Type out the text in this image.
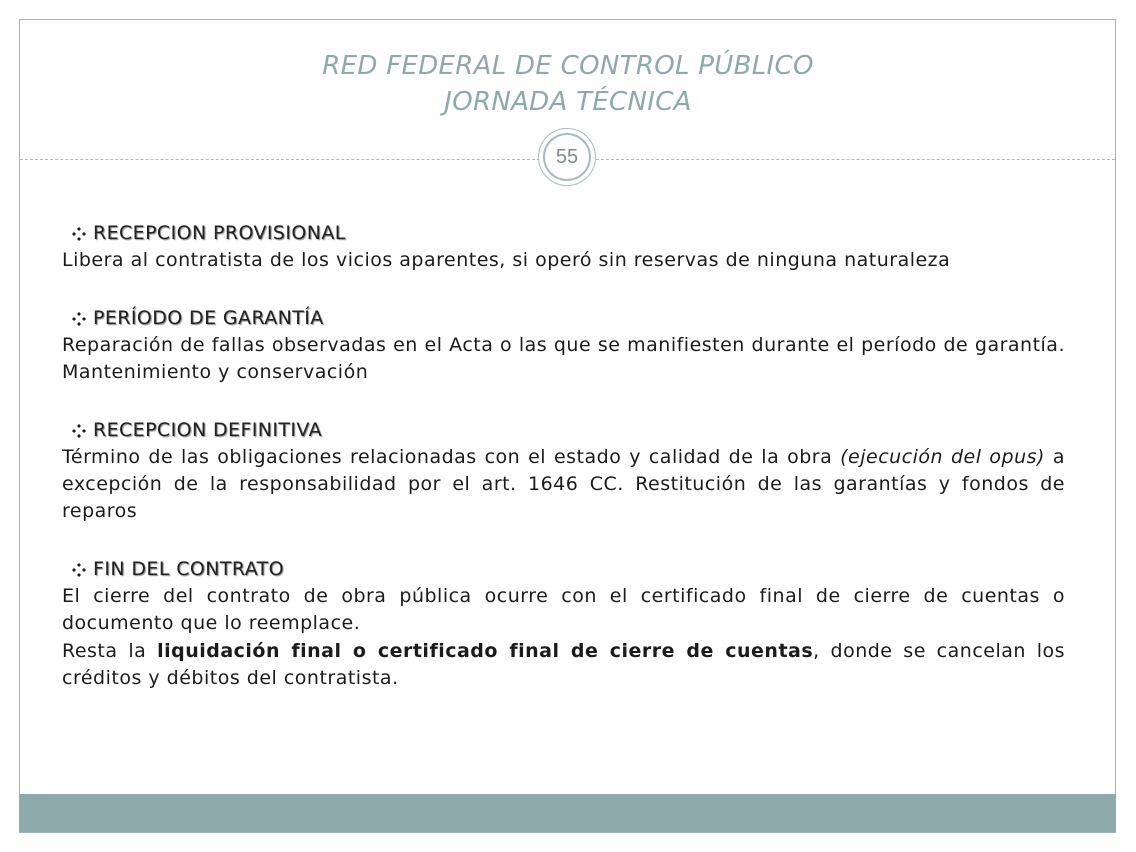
RED FEDERAL DE CONTROL PÚBLICO
JORNADA TÉCNICA
55
RECEPCION PROVISIONAL
Libera al contratista de los vicios aparentes, si operó sin reservas de ninguna naturaleza
PERÍODO DE GARANTÍA
Reparación de fallas observadas en el Acta o las que se manifiesten durante el período de garantía. Mantenimiento y conservación
RECEPCION DEFINITIVA
Término de las obligaciones relacionadas con el estado y calidad de la obra (ejecución del opus) a excepción de la responsabilidad por el art. 1646 CC. Restitución de las garantías y fondos de reparos
FIN DEL CONTRATO
El cierre del contrato de obra pública ocurre con el certificado final de cierre de cuentas o documento que lo reemplace.
Resta la liquidación final o certificado final de cierre de cuentas, donde se cancelan los créditos y débitos del contratista.
